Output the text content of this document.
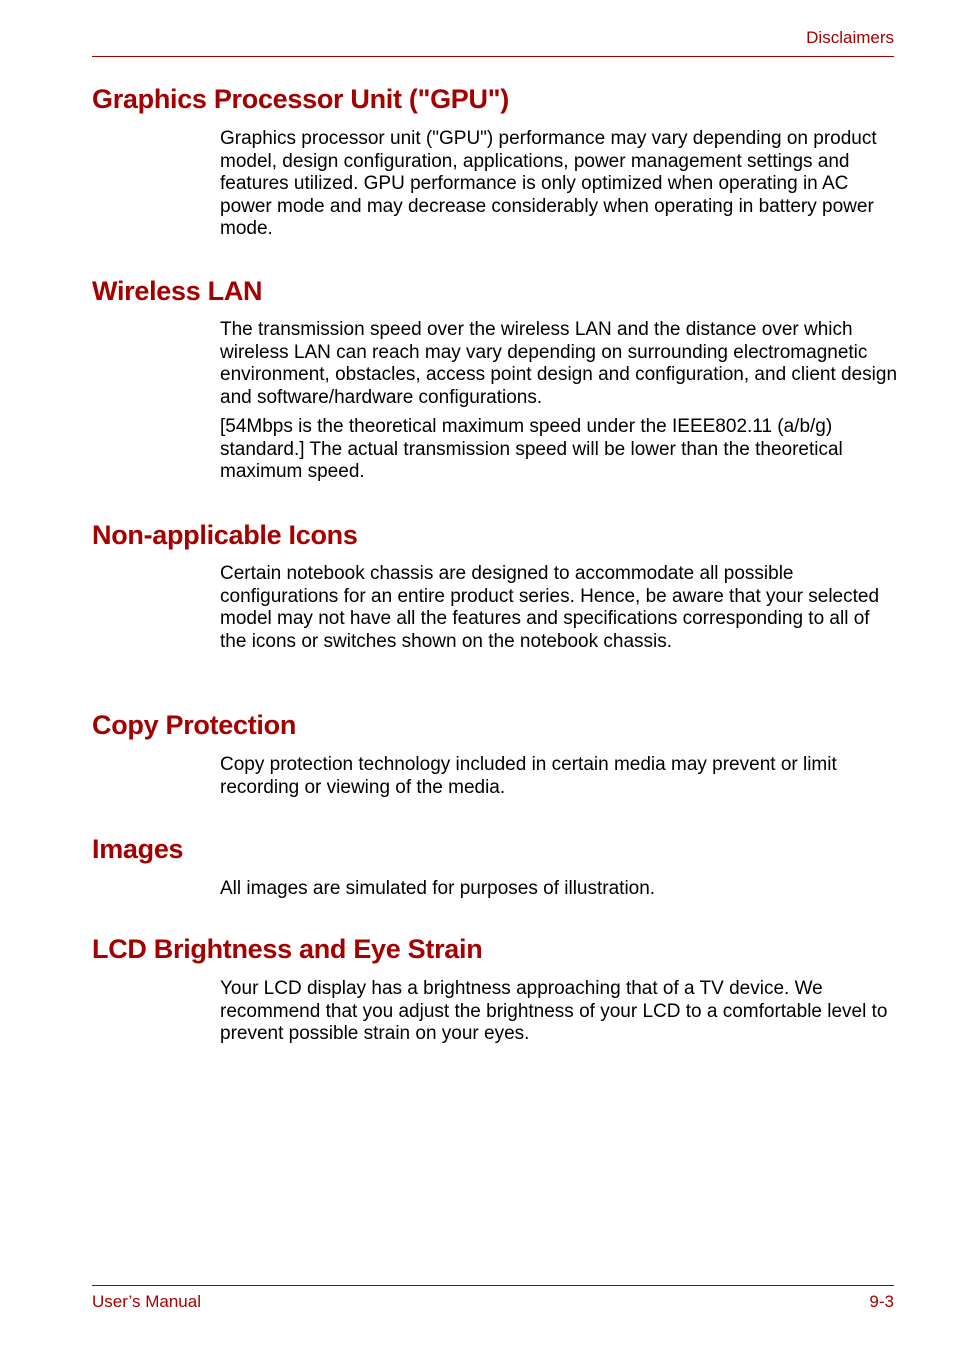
Disclaimers
Graphics Processor Unit ("GPU")

Graphics processor unit ("GPU") performance may vary depending on product model, design configuration, applications, power management settings and features utilized. GPU performance is only optimized when operating in AC power mode and may decrease considerably when operating in battery power mode.

Wireless LAN

The transmission speed over the wireless LAN and the distance over which wireless LAN can reach may vary depending on surrounding electromagnetic environment, obstacles, access point design and configuration, and client design and software/hardware configurations.

[54Mbps is the theoretical maximum speed under the IEEE802.11 (a/b/g) standard.] The actual transmission speed will be lower than the theoretical maximum speed.

Non-applicable Icons

Certain notebook chassis are designed to accommodate all possible configurations for an entire product series. Hence, be aware that your selected model may not have all the features and specifications corresponding to all of the icons or switches shown on the notebook chassis.

Copy Protection

Copy protection technology included in certain media may prevent or limit recording or viewing of the media.

Images

All images are simulated for purposes of illustration.

LCD Brightness and Eye Strain

Your LCD display has a brightness approaching that of a TV device. We recommend that you adjust the brightness of your LCD to a comfortable level to prevent possible strain on your eyes.

User’s Manual	9-3
